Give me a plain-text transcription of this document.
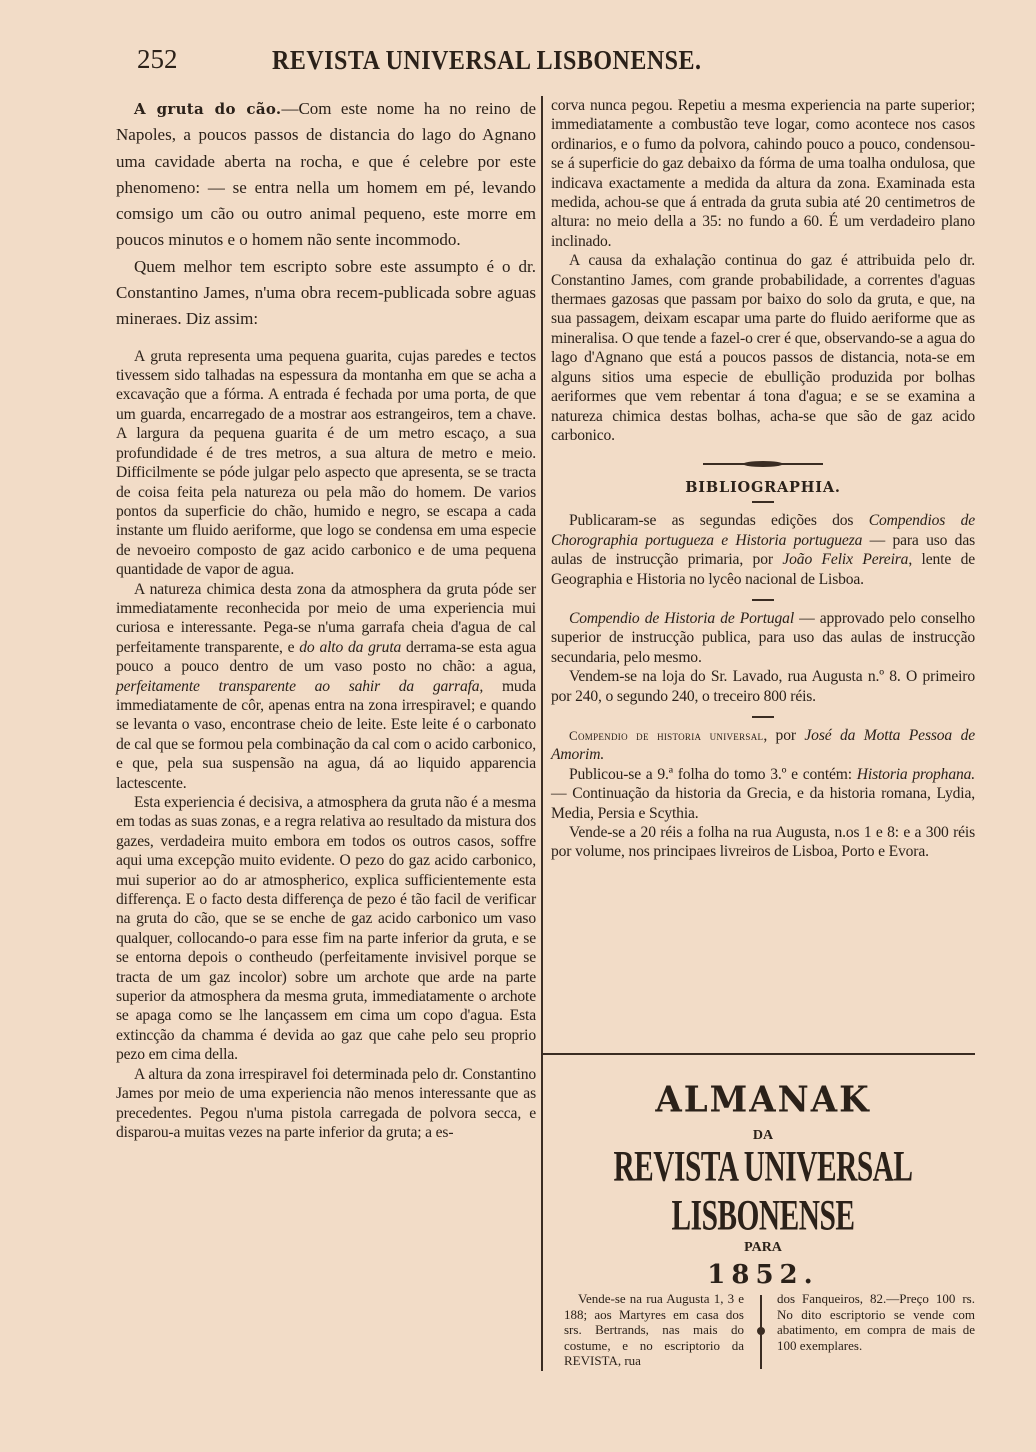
252	REVISTA UNIVERSAL LISBONENSE.

A gruta do cão.—Com este nome ha no reino de Napoles, a poucos passos de distancia do lago do Agnano uma cavidade aberta na rocha, e que é celebre por este phenomeno: — se entra nella um homem em pé, levando comsigo um cão ou outro animal pequeno, este morre em poucos minutos e o homem não sente incommodo.

Quem melhor tem escripto sobre este assumpto é o dr. Constantino James, n'uma obra recem-publicada sobre aguas mineraes. Diz assim:

A gruta representa uma pequena guarita, cujas paredes e tectos tivessem sido talhadas na espessura da montanha em que se acha a excavação que a fórma. A entrada é fechada por uma porta, de que um guarda, encarregado de a mostrar aos estrangeiros, tem a chave. A largura da pequena guarita é de um metro escaço, a sua profundidade é de tres metros, a sua altura de metro e meio. Difficilmente se póde julgar pelo aspecto que apresenta, se se tracta de coisa feita pela natureza ou pela mão do homem. De varios pontos da superficie do chão, humido e negro, se escapa a cada instante um fluido aeriforme, que logo se condensa em uma especie de nevoeiro composto de gaz acido carbonico e de uma pequena quantidade de vapor de agua.

A natureza chimica desta zona da atmosphera da gruta póde ser immediatamente reconhecida por meio de uma experiencia mui curiosa e interessante. Pega-se n'uma garrafa cheia d'agua de cal perfeitamente transparente, e do alto da gruta derrama-se esta agua pouco a pouco dentro de um vaso posto no chão: a agua, perfeitamente transparente ao sahir da garrafa, muda immediatamente de côr, apenas entra na zona irrespiravel; e quando se levanta o vaso, encontrase cheio de leite. Este leite é o carbonato de cal que se formou pela combinação da cal com o acido carbonico, e que, pela sua suspensão na agua, dá ao liquido apparencia lactescente.

Esta experiencia é decisiva, a atmosphera da gruta não é a mesma em todas as suas zonas, e a regra relativa ao resultado da mistura dos gazes, verdadeira muito embora em todos os outros casos, soffre aqui uma excepção muito evidente. O pezo do gaz acido carbonico, mui superior ao do ar atmospherico, explica sufficientemente esta differença. E o facto desta differença de pezo é tão facil de verificar na gruta do cão, que se se enche de gaz acido carbonico um vaso qualquer, collocando-o para esse fim na parte inferior da gruta, e se se entorna depois o contheudo (perfeitamente invisivel porque se tracta de um gaz incolor) sobre um archote que arde na parte superior da atmosphera da mesma gruta, immediatamente o archote se apaga como se lhe lançassem em cima um copo d'agua. Esta extincção da chamma é devida ao gaz que cahe pelo seu proprio pezo em cima della.

A altura da zona irrespiravel foi determinada pelo dr. Constantino James por meio de uma experiencia não menos interessante que as precedentes. Pegou n'uma pistola carregada de polvora secca, e disparou-a muitas vezes na parte inferior da gruta; a es-

corva nunca pegou. Repetiu a mesma experiencia na parte superior; immediatamente a combustão teve logar, como acontece nos casos ordinarios, e o fumo da polvora, cahindo pouco a pouco, condensou-se á superficie do gaz debaixo da fórma de uma toalha ondulosa, que indicava exactamente a medida da altura da zona. Examinada esta medida, achou-se que á entrada da gruta subia até 20 centimetros de altura: no meio della a 35: no fundo a 60. É um verdadeiro plano inclinado.

A causa da exhalação continua do gaz é attribuida pelo dr. Constantino James, com grande probabilidade, a correntes d'aguas thermaes gazosas que passam por baixo do solo da gruta, e que, na sua passagem, deixam escapar uma parte do fluido aeriforme que as mineralisa. O que tende a fazel-o crer é que, observando-se a agua do lago d'Agnano que está a poucos passos de distancia, nota-se em alguns sitios uma especie de ebullição produzida por bolhas aeriformes que vem rebentar á tona d'agua; e se se examina a natureza chimica destas bolhas, acha-se que são de gaz acido carbonico.

BIBLIOGRAPHIA.

Publicaram-se as segundas edições dos Compendios de Chorographia portugueza e Historia portugueza — para uso das aulas de instrucção primaria, por João Felix Pereira, lente de Geographia e Historia no lycêo nacional de Lisboa.

Compendio de Historia de Portugal — approvado pelo conselho superior de instrucção publica, para uso das aulas de instrucção secundaria, pelo mesmo.

Vendem-se na loja do Sr. Lavado, rua Augusta n.º 8. O primeiro por 240, o segundo 240, o treceiro 800 réis.

Compendio de historia universal, por José da Motta Pessoa de Amorim.

Publicou-se a 9.ª folha do tomo 3.º e contém: Historia prophana. — Continuação da historia da Grecia, e da historia romana, Lydia, Media, Persia e Scythia.

Vende-se a 20 réis a folha na rua Augusta, n.os 1 e 8: e a 300 réis por volume, nos principaes livreiros de Lisboa, Porto e Evora.

ALMANAK
DA
REVISTA UNIVERSAL LISBONENSE
PARA
1852.
Vende-se na rua Augusta 1, 3 e 188; aos Martyres em casa dos srs. Bertrands, nas mais do costume, e no escriptorio da REVISTA, rua
dos Fanqueiros, 82.—Preço 100 rs. No dito escriptorio se vende com abatimento, em compra de mais de 100 exemplares.
